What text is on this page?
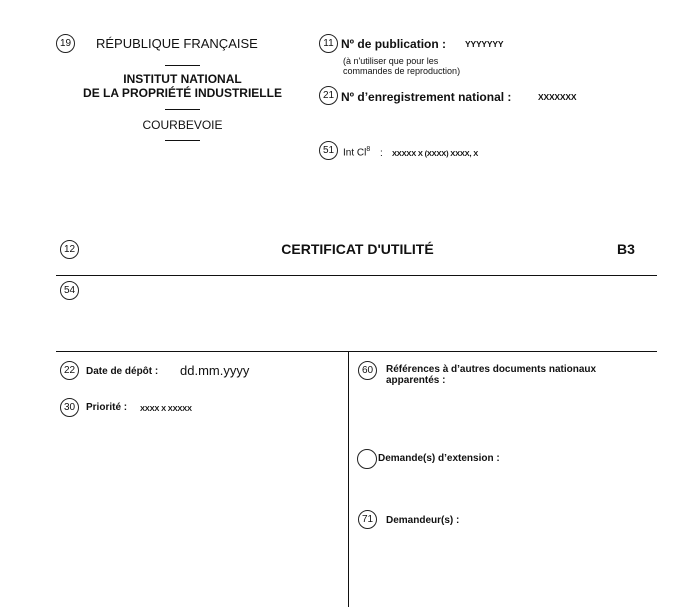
19	RÉPUBLIQUE FRANÇAISE
INSTITUT NATIONAL
DE LA PROPRIÉTÉ INDUSTRIELLE
COURBEVOIE
11 Nº de publication : YYYYYYY
(à n'utiliser que pour les
commandes de reproduction)
21 Nº d’enregistrement national :	XXXXXXX
51 Int Cl$^8$ : XXXXX X (XXXX) XXXX, X
12	CERTIFICAT D'UTILITÉ	B3
54
22	Date de dépôt : dd.mm.yyyy
30	Priorité : XXXX X XXXXX
60	Références à d’autres documents nationaux
apparentés :
Demande(s) d’extension :
71	Demandeur(s) :
